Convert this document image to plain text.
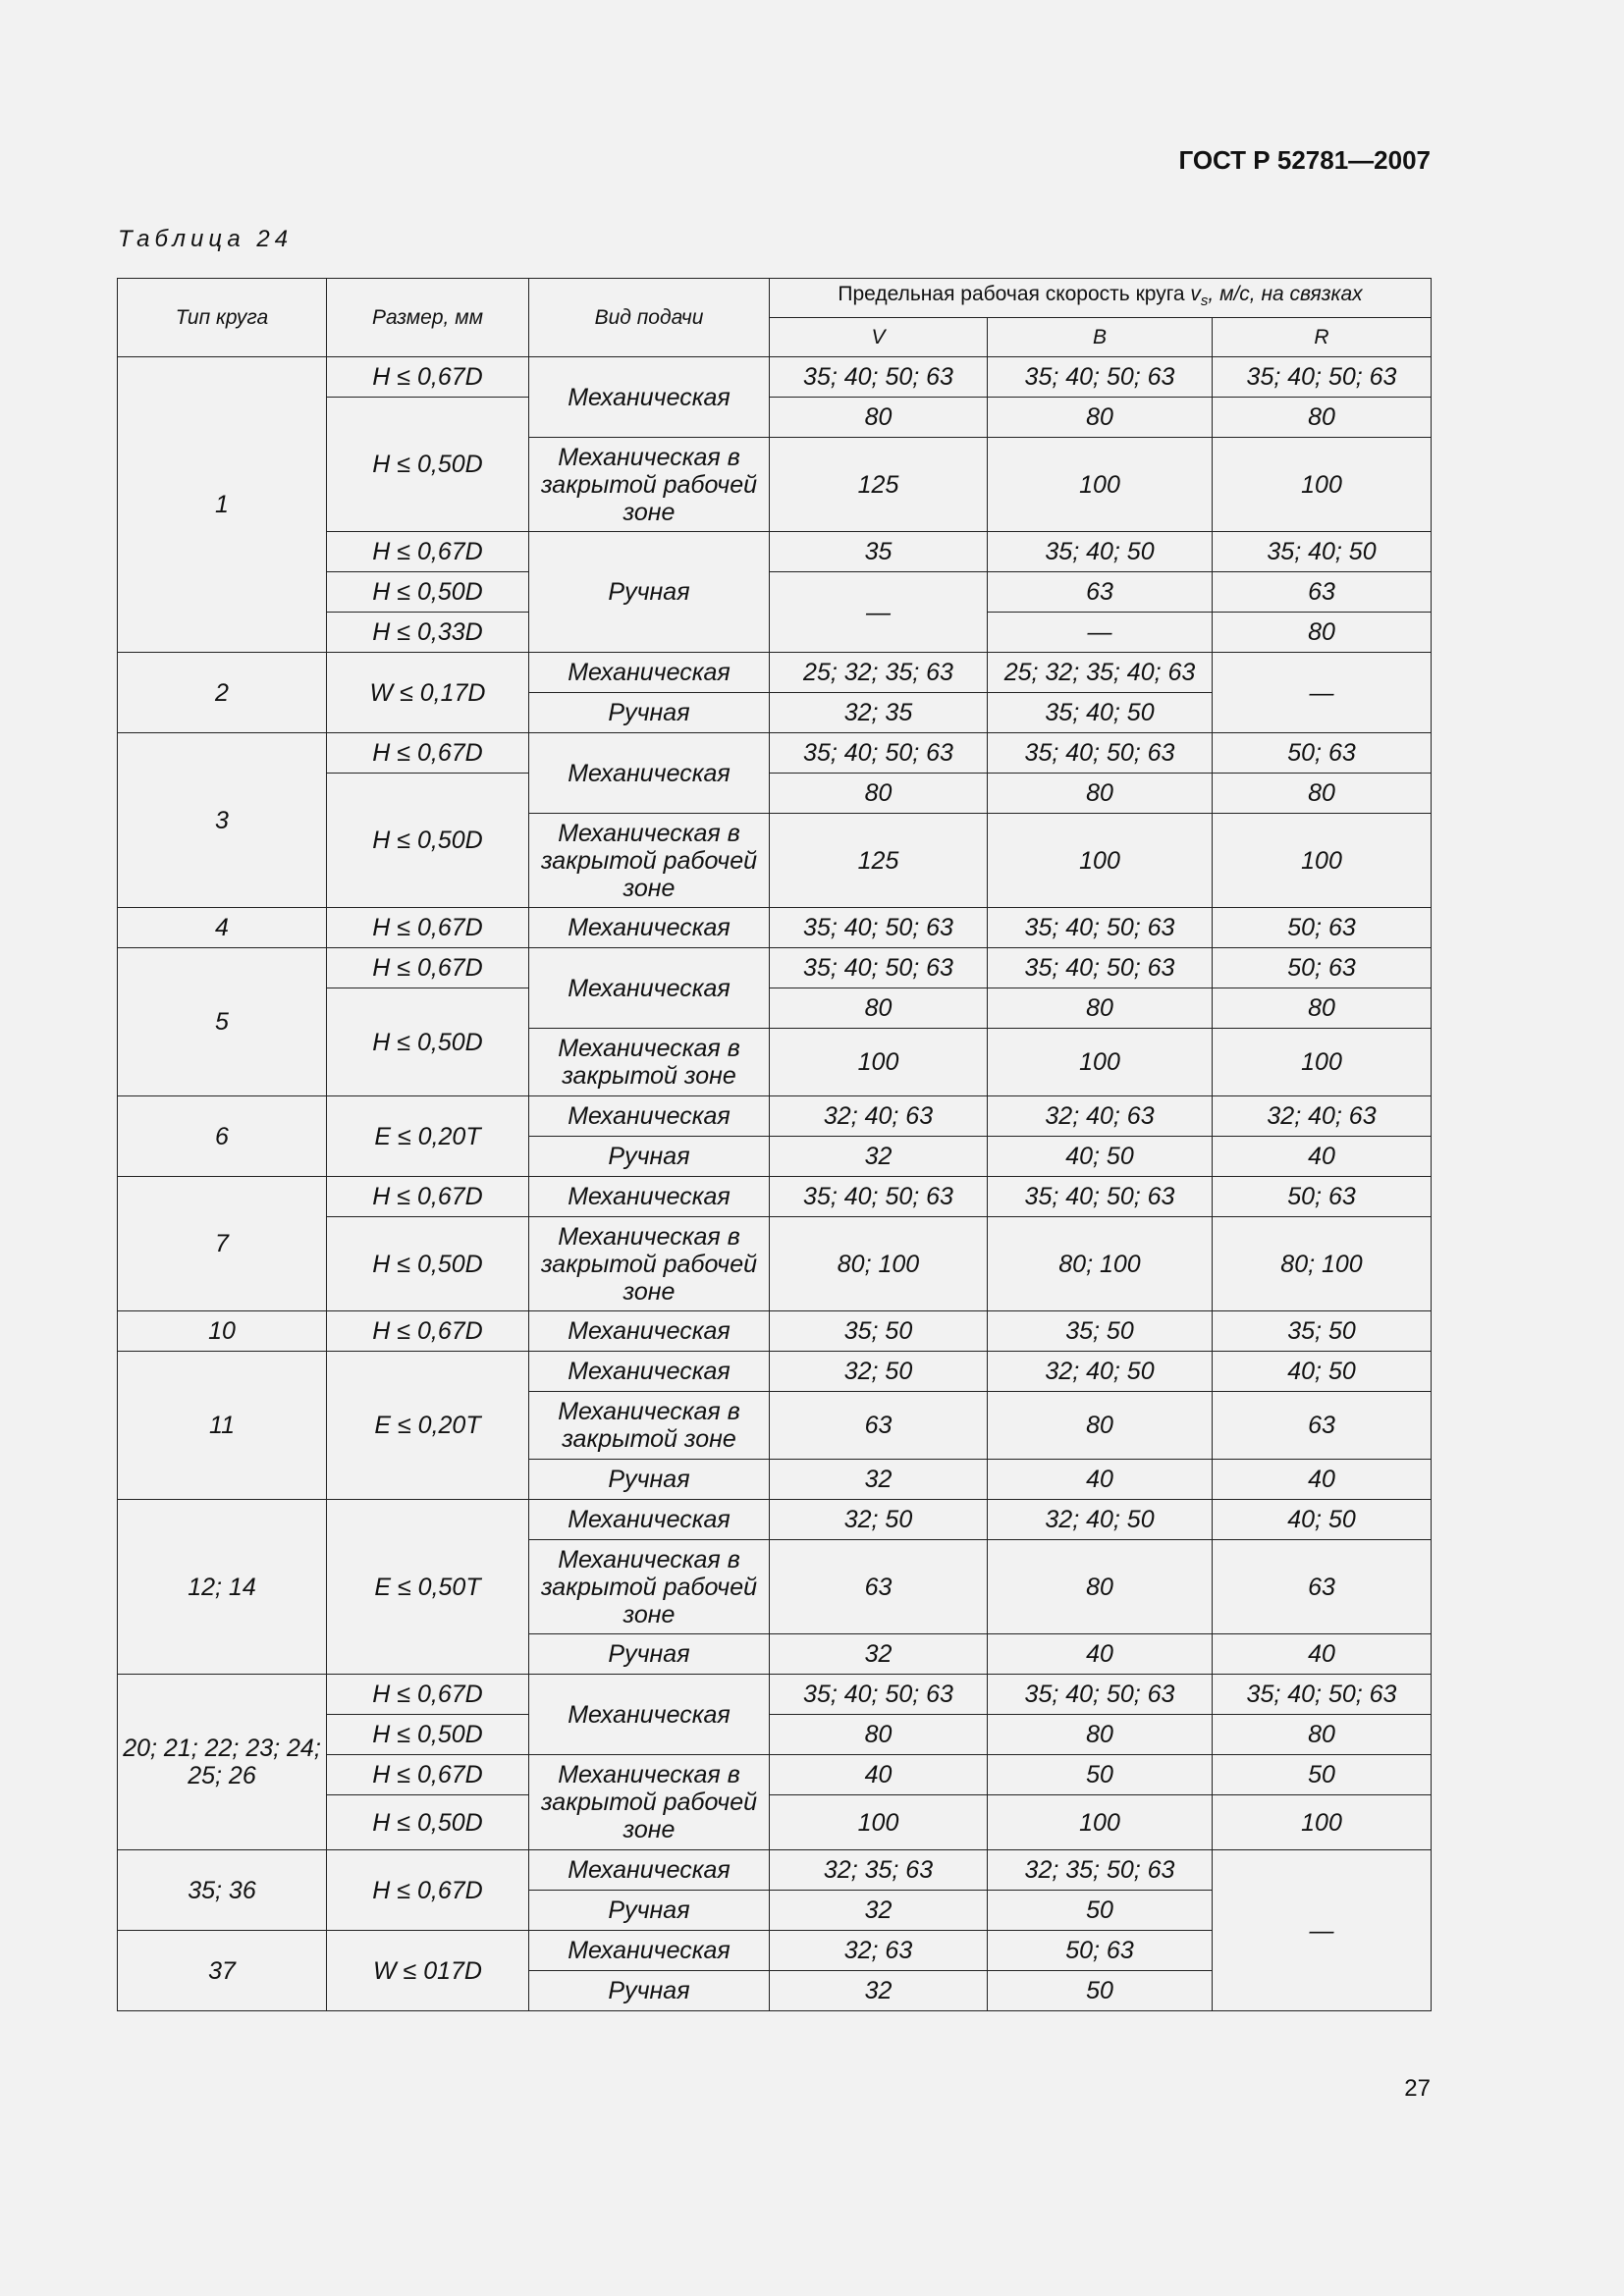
ГОСТ Р 52781—2007
Таблица 24
Тип круга	Размер, мм	Вид подачи	Предельная рабочая скорость круга $v_s$, м/с, на связках		
			V	B	R
1	H ≤ 0,67D	Механическая	35; 40; 50; 63	35; 40; 50; 63	35; 40; 50; 63
	H ≤ 0,50D		80	80	80
		Механическая в закрытой рабочей зоне	125	100	100
	H ≤ 0,67D	Ручная	35	35; 40; 50	35; 40; 50
	H ≤ 0,50D		—	63	63
	H ≤ 0,33D			—	80
2	W ≤ 0,17D	Механическая	25; 32; 35; 63	25; 32; 35; 40; 63	—
		Ручная	32; 35	35; 40; 50	
3	H ≤ 0,67D	Механическая	35; 40; 50; 63	35; 40; 50; 63	50; 63
	H ≤ 0,50D		80	80	80
		Механическая в закрытой рабочей зоне	125	100	100
4	H ≤ 0,67D	Механическая	35; 40; 50; 63	35; 40; 50; 63	50; 63
5	H ≤ 0,67D	Механическая	35; 40; 50; 63	35; 40; 50; 63	50; 63
	H ≤ 0,50D		80	80	80
		Механическая в закрытой зоне	100	100	100
6	E ≤ 0,20T	Механическая	32; 40; 63	32; 40; 63	32; 40; 63
		Ручная	32	40; 50	40
7	H ≤ 0,67D	Механическая	35; 40; 50; 63	35; 40; 50; 63	50; 63
	H ≤ 0,50D	Механическая в закрытой рабочей зоне	80; 100	80; 100	80; 100
10	H ≤ 0,67D	Механическая	35; 50	35; 50	35; 50
11	E ≤ 0,20T	Механическая	32; 50	32; 40; 50	40; 50
		Механическая в закрытой зоне	63	80	63
		Ручная	32	40	40
12; 14	E ≤ 0,50T	Механическая	32; 50	32; 40; 50	40; 50
		Механическая в закрытой рабочей зоне	63	80	63
		Ручная	32	40	40
20; 21; 22; 23; 24; 25; 26	H ≤ 0,67D	Механическая	35; 40; 50; 63	35; 40; 50; 63	35; 40; 50; 63
	H ≤ 0,50D		80	80	80
	H ≤ 0,67D	Механическая в закрытой рабочей зоне	40	50	50
	H ≤ 0,50D		100	100	100
35; 36	H ≤ 0,67D	Механическая	32; 35; 63	32; 35; 50; 63	—
		Ручная	32	50	
37	W ≤ 017D	Механическая	32; 63	50; 63	
		Ручная	32	50	
27
